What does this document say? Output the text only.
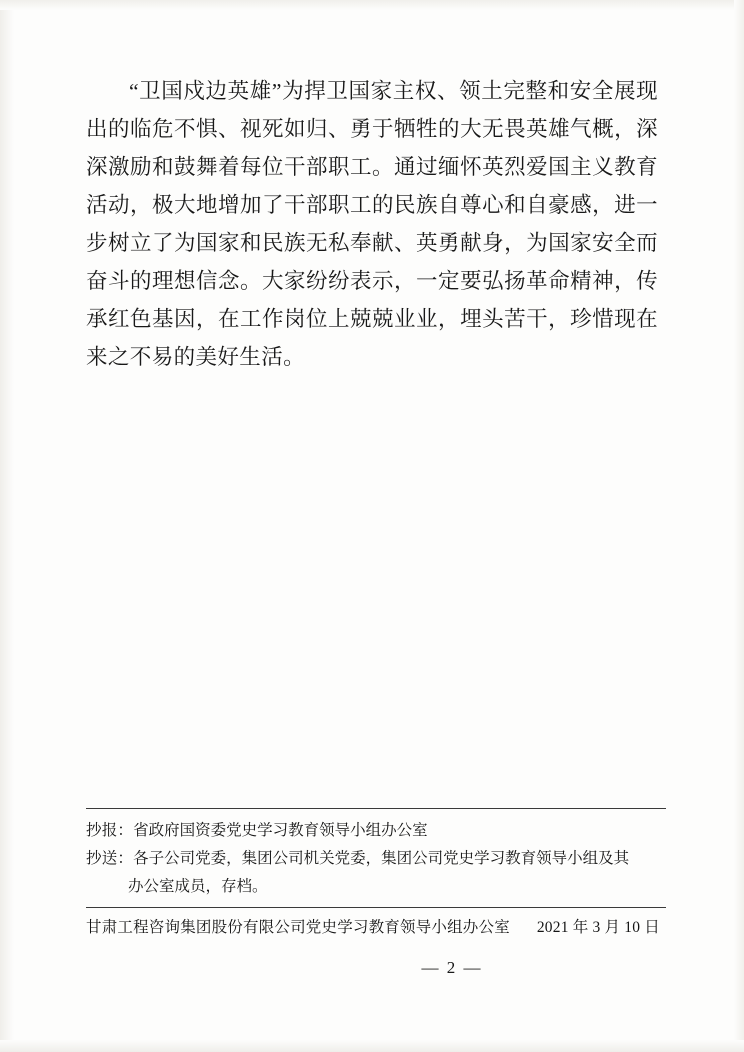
“卫国戍边英雄”为捍卫国家主权、领土完整和安全展现出的临危不惧、视死如归、勇于牺牲的大无畏英雄气概，深深激励和鼓舞着每位干部职工。通过缅怀英烈爱国主义教育活动，极大地增加了干部职工的民族自尊心和自豪感，进一步树立了为国家和民族无私奉献、英勇献身，为国家安全而奋斗的理想信念。大家纷纷表示，一定要弘扬革命精神，传承红色基因，在工作岗位上兢兢业业，埋头苦干，珍惜现在来之不易的美好生活。

抄报：省政府国资委党史学习教育领导小组办公室
抄送：各子公司党委，集团公司机关党委，集团公司党史学习教育领导小组及其
办公室成员，存档。
甘肃工程咨询集团股份有限公司党史学习教育领导小组办公室 2021 年 3 月 10 日
— 2 —
